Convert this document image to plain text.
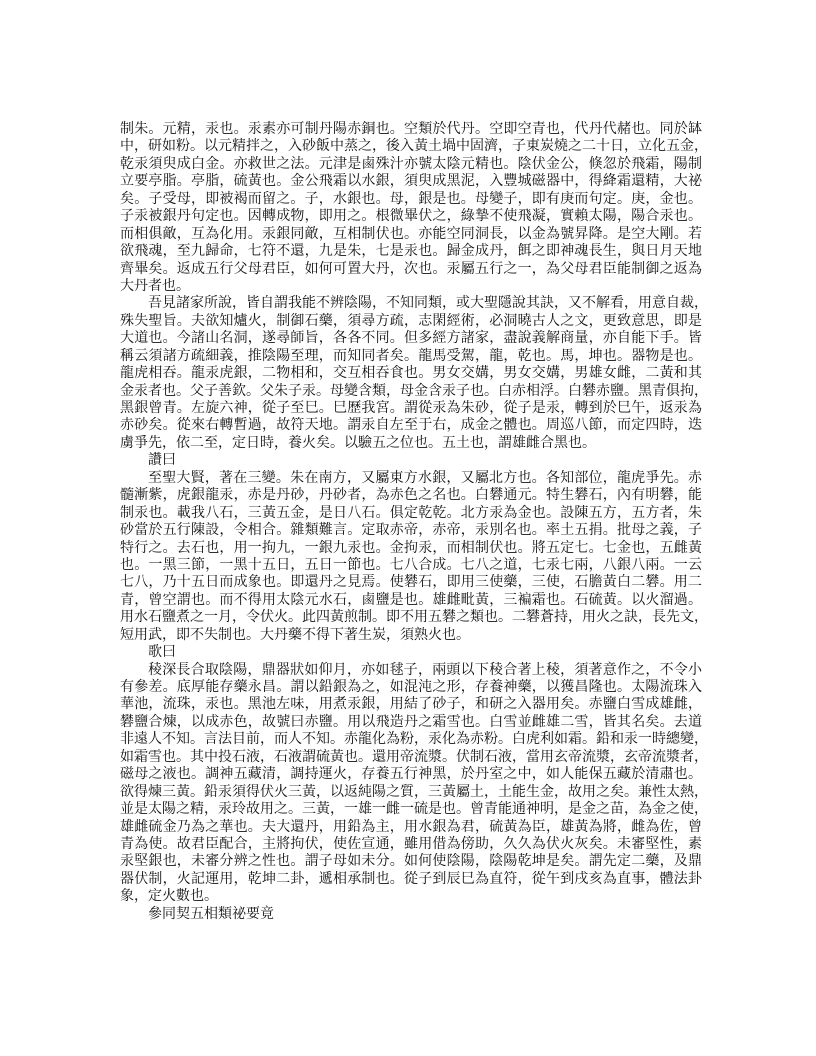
制朱。元精，汞也。汞素亦可制丹陽赤銅也。空類於代丹。空即空青也，代丹代赭也。同於缽
中，研如粉。以元精拌之，入砂飯中蒸之，後入黃土堝中固濟，子東炭燒之二十日，立化五金，
乾汞須臾成白金。亦救世之法。元津是鹵殊汁亦號太陰元精也。陰伏金公，倏忽於飛霜，陽制
立要亭脂。亭脂，硫黃也。金公飛霜以水銀，須臾成黑泥，入豐城磁器中，得絳霜還精，大祕
矣。子受母，即被褐而留之。子，水銀也。母，銀是也。母變子，即有庚而句定。庚，金也。
子汞被銀丹句定也。因轉成物，即用之。根微畢伏之，綠摯不使飛凝，實賴太陽，陽合汞也。
而相俱敵，互為化用。汞銀同敵，互相制伏也。亦能空同洞長，以金為號昇降。是空大剛。若
欲飛魂，至九歸命，七符不還，九是朱，七是汞也。歸金成丹，餌之即神魂長生，與日月天地
齊畢矣。返成五行父母君臣，如何可置大丹，次也。汞屬五行之一，為父母君臣能制御之返為
大丹者也。
吾見諸家所說，皆自謂我能不辨陰陽，不知同類，或大聖隱說其訣，又不解看，用意自裁，
殊失聖旨。夫欲知爐火，制御石藥，須尋方疏，志閑經術，必洞曉古人之文，更致意思，即是
大道也。今諸山名洞，遂尋師旨，各各不同。但多經方諸家，盡說義解商量，亦自能下手。皆
稱云須諸方疏細義，推陰陽至理，而知同者矣。龍馬受駕，龍，乾也。馬，坤也。器物是也。
龍虎相吞。龍汞虎銀，二物相和，交互相吞食也。男女交媾，男女交媾，男雄女雌，二黃和其
金汞者也。父子善欽。父朱子汞。母變含類，母金含汞子也。白赤相浮。白礬赤鹽。黑青俱拘，
黑銀曾青。左旋六神，從子至巳。巳歷我宮。謂從汞為朱砂，從子是汞，轉到於巳午，返汞為
赤砂矣。從來右轉暫過，故符天地。謂汞自左至于右，成金之體也。周巡八節，而定四時，迭
虜爭先，依二至，定日時，養火矣。以驗五之位也。五土也，謂雄雌合黑也。
讚曰
至聖大賢，著在三變。朱在南方，又屬東方水銀，又屬北方也。各知部位，龍虎爭先。赤
髓漸紫，虎銀龍汞，赤是丹砂，丹砂者，為赤色之名也。白礬通元。特生礬石，內有明礬，能
制汞也。載我八石，三黃五金，是日八石。俱定乾乾。北方汞為金也。設陳五方，五方者，朱
砂當於五行陳設，令相合。雜類難言。定取赤帝，赤帝，汞別名也。率土五捐。批母之義，子
特行之。去石也，用一拘九，一銀九汞也。金拘汞，而相制伏也。將五定七。七金也，五雌黃
也。一黑三節，一黑十五日，五日一節也。七八合成。七八之道，七汞七兩，八銀八兩。一云
七八，乃十五日而成象也。即還丹之見焉。使礬石，即用三使藥，三使，石膽黃白二礬。用二
青，曾空謂也。而不得用太陰元水石，鹵鹽是也。雄雌毗黃，三褊霜也。石硫黃。以火溜過。
用水石鹽煮之一月，令伏火。此四黃煎制。即不用五礬之類也。二礬蒼持，用火之訣，長先文，
短用武，即不失制也。大丹藥不得下著生炭，須熟火也。
歌曰
稜深長合取陰陽，鼎器狀如仰月，亦如毬子，兩頭以下稜合著上稜，須著意作之，不令小
有參差。底厚能存藥永昌。謂以鉛銀為之，如混沌之形，存養神藥，以獲昌隆也。太陽流珠入
華池，流珠，汞也。黑池左味，用煮汞銀，用結了砂子，和研之入器用矣。赤鹽白雪成雄雌，
礬鹽合煉，以成赤色，故號曰赤鹽。用以飛造丹之霜雪也。白雪並雌雄二雪，皆其名矣。去道
非遠人不知。言法目前，而人不知。赤龍化為粉，汞化為赤粉。白虎利如霜。鉛和汞一時總變，
如霜雪也。其中投石液，石液謂硫黃也。還用帝流漿。伏制石液，當用玄帝流漿，玄帝流漿者，
磁母之液也。調神五藏清，調持運火，存養五行神黑，於丹室之中，如人能保五藏於清肅也。
欲得煉三黃。鉛汞須得伏火三黃，以返純陽之質，三黃屬土，土能生金，故用之矣。兼性太熱，
並是太陽之精，汞玲故用之。三黃，一雄一雌一硫是也。曾青能通神明，是金之苗，為金之使，
雄雌硫金乃為之華也。夫大還丹，用鉛為主，用水銀為君，硫黃為臣，雄黃為將，雌為佐，曾
青為使。故君臣配合，主將拘伏，使佐宣通，雖用借為傍助，久久為伏火灰矣。未審堅性，素
汞堅銀也，未審分辨之性也。謂子母如未分。如何使陰陽，陰陽乾坤是矣。謂先定二藥，及鼎
器伏制，火記運用，乾坤二卦，遞相承制也。從子到辰巳為直符，從午到戌亥為直事，體法卦
象，定火數也。
參同契五相類祕要竟
